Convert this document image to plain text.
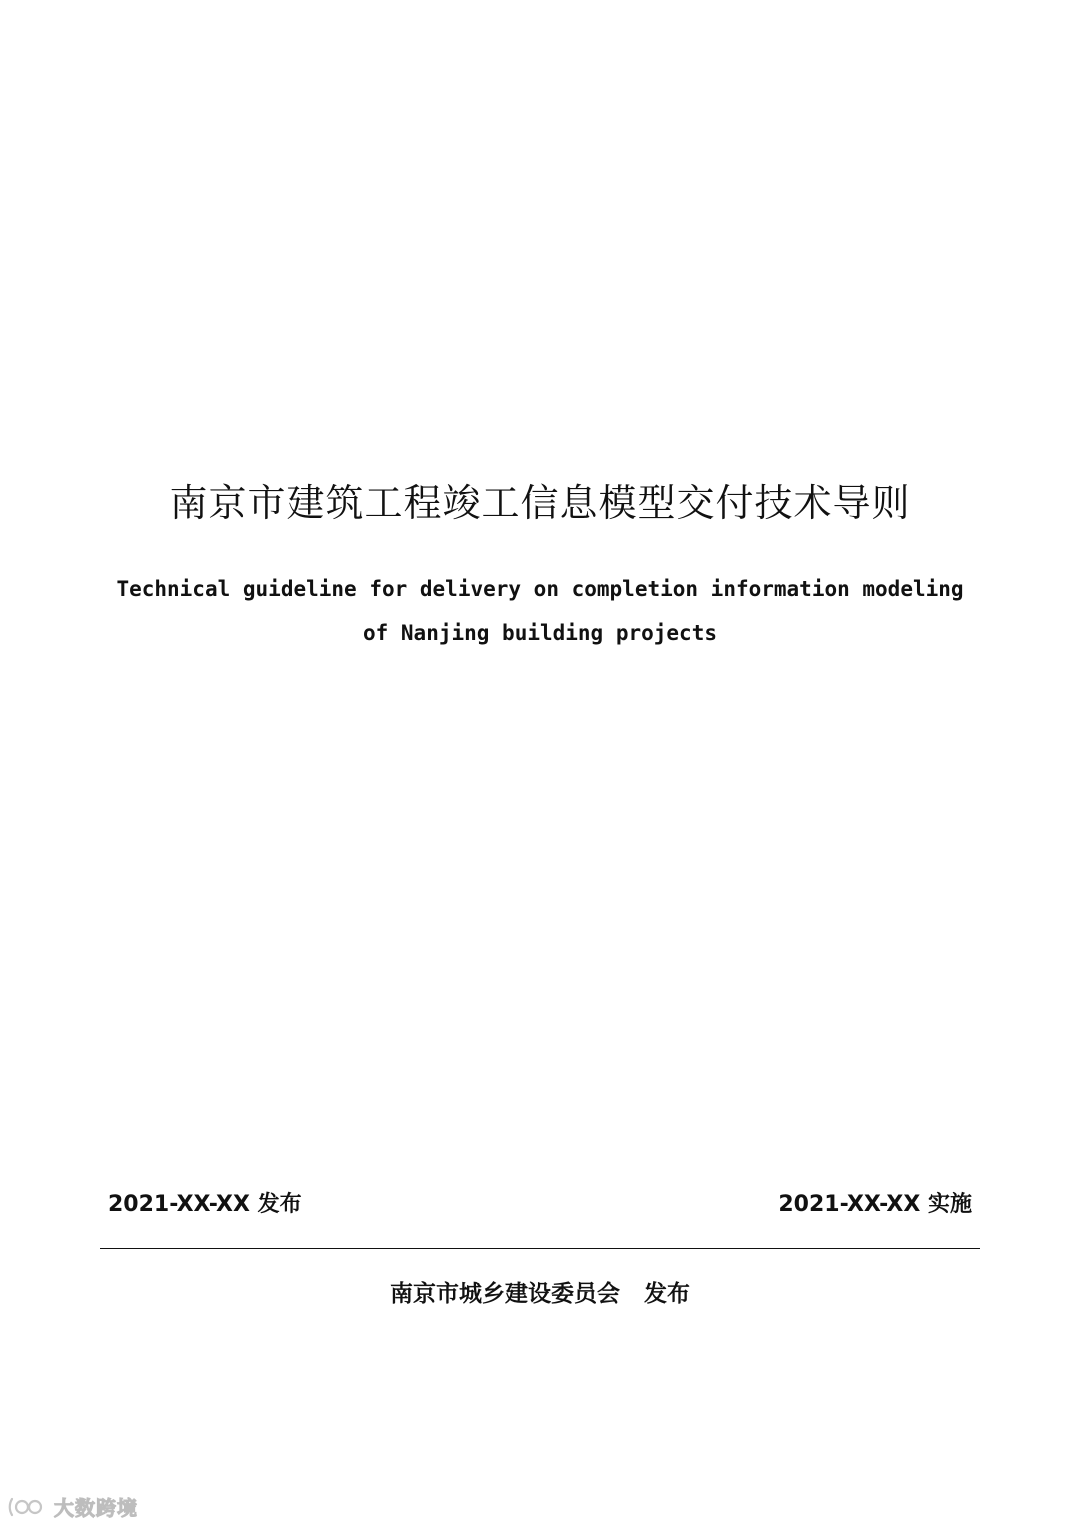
南京市建筑工程竣工信息模型交付技术导则
Technical guideline for delivery on completion information modeling
of Nanjing building projects
2021-XX-XX 发布	2021-XX-XX 实施
南京市城乡建设委员会   发布
大数跨境
